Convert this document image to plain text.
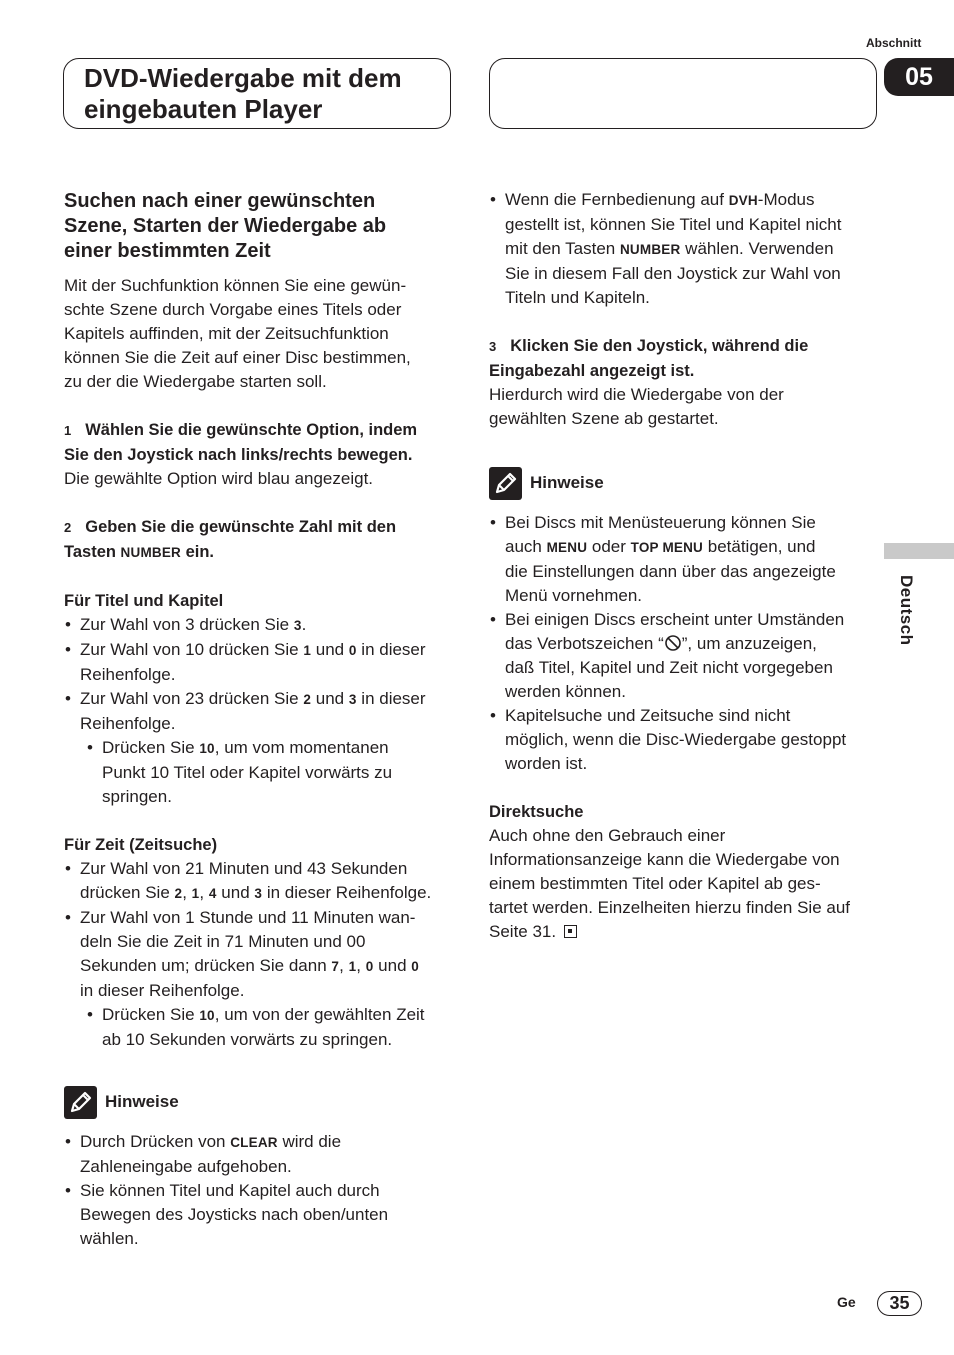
Abschnitt
05
DVD-Wiedergabe mit dem
eingebauten Player
Deutsch
Suchen nach einer gewünschten
Szene, Starten der Wiedergabe ab
einer bestimmten Zeit
Mit der Suchfunktion können Sie eine gewün-
schte Szene durch Vorgabe eines Titels oder
Kapitels auffinden, mit der Zeitsuchfunktion
können Sie die Zeit auf einer Disc bestimmen,
zu der die Wiedergabe starten soll.
1 Wählen Sie die gewünschte Option, indem
Sie den Joystick nach links/rechts bewegen.
Die gewählte Option wird blau angezeigt.
2 Geben Sie die gewünschte Zahl mit den
Tasten NUMBER ein.
Für Titel und Kapitel
• Zur Wahl von 3 drücken Sie 3.
• Zur Wahl von 10 drücken Sie 1 und 0 in dieser
Reihenfolge.
• Zur Wahl von 23 drücken Sie 2 und 3 in dieser
Reihenfolge.
• Drücken Sie 10, um vom momentanen
Punkt 10 Titel oder Kapitel vorwärts zu
springen.
Für Zeit (Zeitsuche)
• Zur Wahl von 21 Minuten und 43 Sekunden
drücken Sie 2, 1, 4 und 3 in dieser Reihenfolge.
• Zur Wahl von 1 Stunde und 11 Minuten wan-
deln Sie die Zeit in 71 Minuten und 00
Sekunden um; drücken Sie dann 7, 1, 0 und 0
in dieser Reihenfolge.
• Drücken Sie 10, um von der gewählten Zeit
ab 10 Sekunden vorwärts zu springen.
Hinweise
• Durch Drücken von CLEAR wird die
Zahleneingabe aufgehoben.
• Sie können Titel und Kapitel auch durch
Bewegen des Joysticks nach oben/unten
wählen.
• Wenn die Fernbedienung auf DVH-Modus
gestellt ist, können Sie Titel und Kapitel nicht
mit den Tasten NUMBER wählen. Verwenden
Sie in diesem Fall den Joystick zur Wahl von
Titeln und Kapiteln.
3 Klicken Sie den Joystick, während die
Eingabezahl angezeigt ist.
Hierdurch wird die Wiedergabe von der
gewählten Szene ab gestartet.
Hinweise
• Bei Discs mit Menüsteuerung können Sie
auch MENU oder TOP MENU betätigen, und
die Einstellungen dann über das angezeigte
Menü vornehmen.
• Bei einigen Discs erscheint unter Umständen
das Verbotszeichen “ ”, um anzuzeigen,
daß Titel, Kapitel und Zeit nicht vorgegeben
werden können.
• Kapitelsuche und Zeitsuche sind nicht
möglich, wenn die Disc-Wiedergabe gestoppt
worden ist.
Direktsuche
Auch ohne den Gebrauch einer
Informationsanzeige kann die Wiedergabe von
einem bestimmten Titel oder Kapitel ab ges-
tartet werden. Einzelheiten hierzu finden Sie auf
Seite 31.
Ge	35
